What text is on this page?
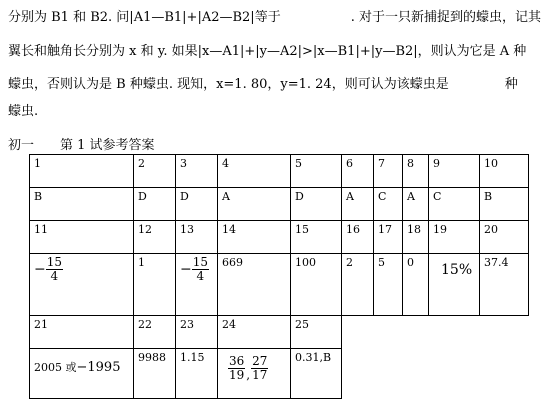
分别为 B1 和 B2. 问|A1—B1|+|A2—B2|等于	. 对于一只新捕捉到的蠓虫，记其
翼长和触角长分别为 x 和 y. 如果|x—A1|+|y—A2|>|x—B1|+|y—B2|，则认为它是 A 种
蠓虫，否则认为是 B 种蠓虫. 现知，x=1. 80，y=1. 24，则可认为该蠓虫是	种
蠓虫.
初一 第 1 试参考答案
1	2	3	4	5	6	7	8	9	10
B	D	D	A	D	A	C	A	C	B
11	12	13	14	15	16	17	18	19	20
− $\frac{15}{4}$	1	− $\frac{15}{4}$	669	100	2	5	0	15%	37.4
21	22	23	24	25					
2005 或−1995	9988	1.15	$\frac{36}{19}$ , $\frac{27}{17}$	0.31,B					
